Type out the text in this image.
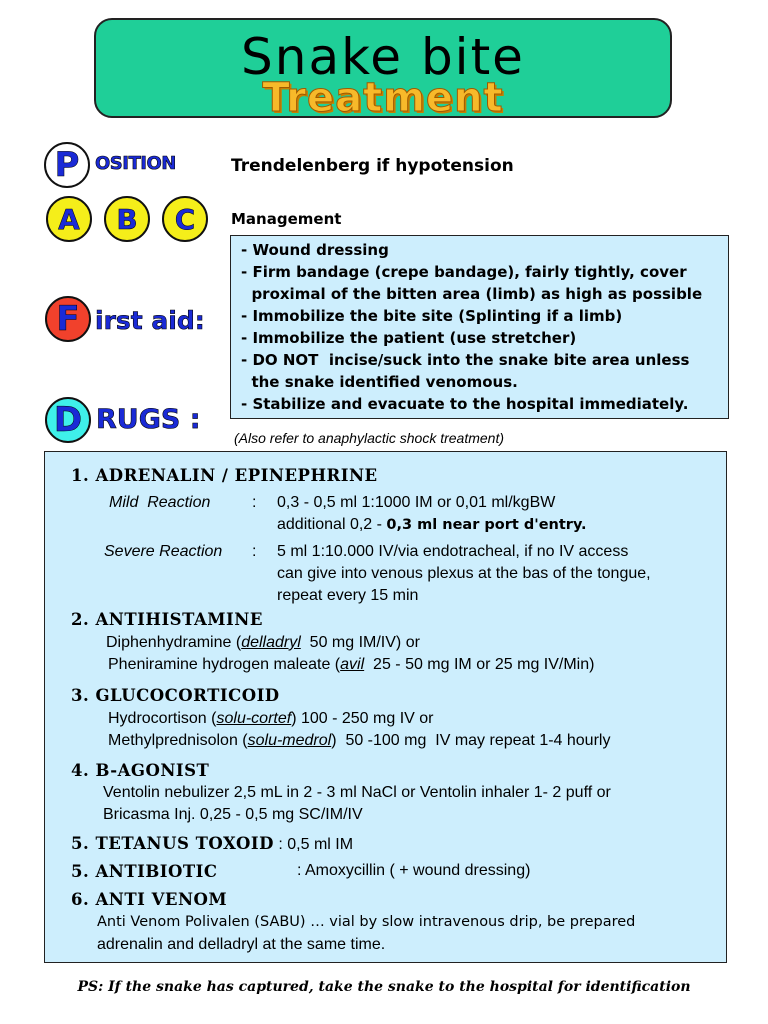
Snake bite
Treatment
P OSITION	Trendelenberg if hypotension
A B C Management
F irst aid:
- Wound dressing
- Firm bandage (crepe bandage), fairly tightly, cover
proximal of the bitten area (limb) as high as possible
- Immobilize the bite site (Splinting if a limb)
- Immobilize the patient (use stretcher)
- DO NOT  incise/suck into the snake bite area unless
the snake identified venomous.
- Stabilize and evacuate to the hospital immediately.
D RUGS :
(Also refer to anaphylactic shock treatment)
1. ADRENALIN / EPINEPHRINE
Mild  Reaction	: 0,3 - 0,5 ml 1:1000 IM or 0,01 ml/kgBW
additional 0,2 - 0,3 ml near port d'entry.
Severe Reaction : 5 ml 1:10.000 IV/via endotracheal, if no IV access
can give into venous plexus at the bas of the tongue,
repeat every 15 min
2. ANTIHISTAMINE
Diphenhydramine (delladryl  50 mg IM/IV) or
Pheniramine hydrogen maleate (avil  25 - 50 mg IM or 25 mg IV/Min)
3. GLUCOCORTICOID
Hydrocortison (solu-cortef) 100 - 250 mg IV or
Methylprednisolon (solu-medrol)  50 -100 mg  IV may repeat 1-4 hourly
4. B-AGONIST
Ventolin nebulizer 2,5 mL in 2 - 3 ml NaCl or Ventolin inhaler 1- 2 puff or
Bricasma Inj. 0,25 - 0,5 mg SC/IM/IV
5. TETANUS TOXOID : 0,5 ml IM
5. ANTIBIOTIC	: Amoxycillin ( + wound dressing)
6. ANTI VENOM
Anti Venom Polivalen (SABU) … vial by slow intravenous drip, be prepared
adrenalin and delladryl at the same time.
PS: If the snake has captured, take the snake to the hospital for identification
